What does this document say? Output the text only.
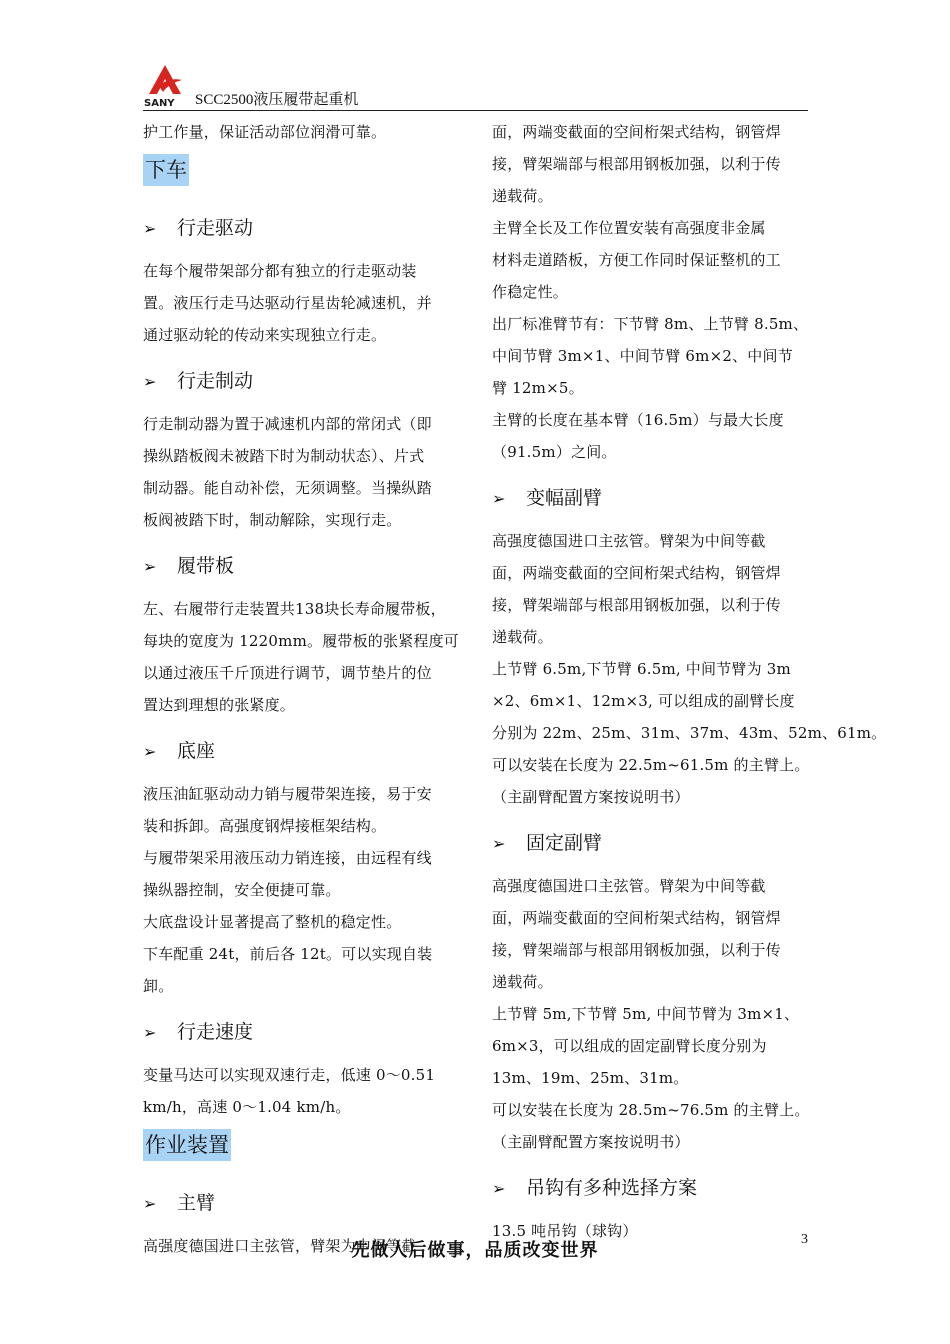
SANY SCC2500液压履带起重机
护工作量，保证活动部位润滑可靠。
下车
➢ 行走驱动
在每个履带架部分都有独立的行走驱动装
置。液压行走马达驱动行星齿轮减速机，并
通过驱动轮的传动来实现独立行走。
➢ 行走制动
行走制动器为置于减速机内部的常闭式（即
操纵踏板阀未被踏下时为制动状态）、片式
制动器。能自动补偿，无须调整。当操纵踏
板阀被踏下时，制动解除，实现行走。
➢ 履带板
左、右履带行走装置共138块长寿命履带板，
每块的宽度为 1220mm。履带板的张紧程度可
以通过液压千斤顶进行调节，调节垫片的位
置达到理想的张紧度。
➢ 底座
液压油缸驱动动力销与履带架连接，易于安
装和拆卸。高强度钢焊接框架结构。
与履带架采用液压动力销连接，由远程有线
操纵器控制，安全便捷可靠。
大底盘设计显著提高了整机的稳定性。
下车配重 24t，前后各 12t。可以实现自装
卸。
➢ 行走速度
变量马达可以实现双速行走，低速 0～0.51
km/h，高速 0～1.04 km/h。
作业装置
➢ 主臂
高强度德国进口主弦管，臂架为中间等截
面，两端变截面的空间桁架式结构，钢管焊
接，臂架端部与根部用钢板加强，以利于传
递载荷。
主臂全长及工作位置安装有高强度非金属
材料走道踏板，方便工作同时保证整机的工
作稳定性。
出厂标准臂节有：下节臂 8m、上节臂 8.5m、
中间节臂 3m×1、中间节臂 6m×2、中间节
臂 12m×5。
主臂的长度在基本臂（16.5m）与最大长度
（91.5m）之间。
➢ 变幅副臂
高强度德国进口主弦管。臂架为中间等截
面，两端变截面的空间桁架式结构，钢管焊
接，臂架端部与根部用钢板加强，以利于传
递载荷。
上节臂 6.5m,下节臂 6.5m, 中间节臂为 3m
×2、6m×1、12m×3, 可以组成的副臂长度
分别为 22m、25m、31m、37m、43m、52m、61m。
可以安装在长度为 22.5m~61.5m 的主臂上。
（主副臂配置方案按说明书）
➢ 固定副臂
高强度德国进口主弦管。臂架为中间等截
面，两端变截面的空间桁架式结构，钢管焊
接，臂架端部与根部用钢板加强，以利于传
递载荷。
上节臂 5m,下节臂 5m, 中间节臂为 3m×1、
6m×3，可以组成的固定副臂长度分别为
13m、19m、25m、31m。
可以安装在长度为 28.5m~76.5m 的主臂上。
（主副臂配置方案按说明书）
➢ 吊钩有多种选择方案
13.5 吨吊钩（球钩）	3
先做人后做事，品质改变世界
